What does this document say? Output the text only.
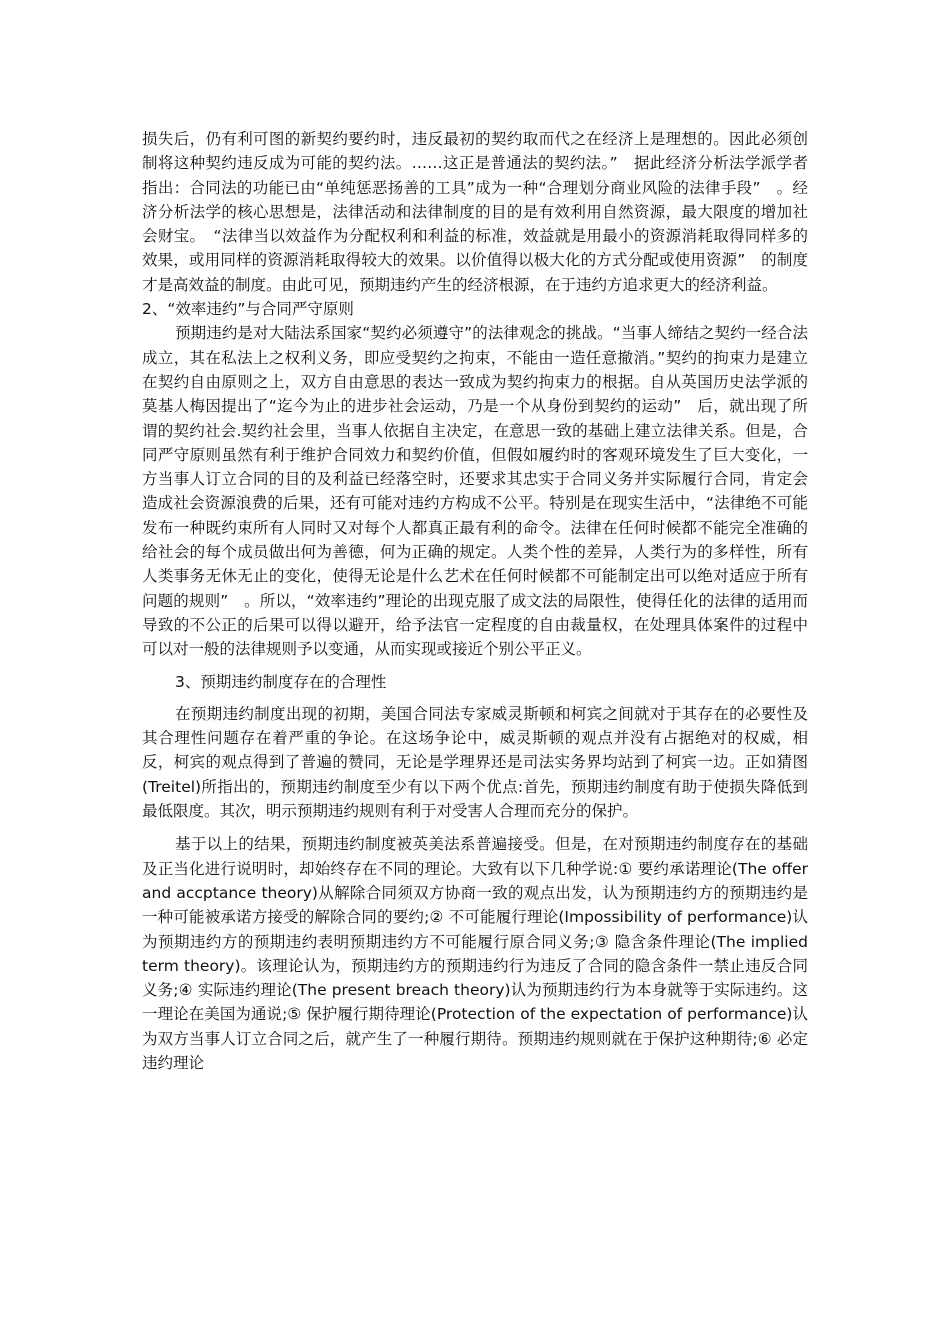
损失后，仍有利可图的新契约要约时，违反最初的契约取而代之在经济上是理想的。因此必须创制将这种契约违反成为可能的契约法。……这正是普通法的契约法。”　据此经济分析法学派学者指出：合同法的功能已由“单纯惩恶扬善的工具”成为一种“合理划分商业风险的法律手段”　。经济分析法学的核心思想是，法律活动和法律制度的目的是有效利用自然资源，最大限度的增加社会财宝。　“法律当以效益作为分配权利和利益的标准，效益就是用最小的资源消耗取得同样多的效果，或用同样的资源消耗取得较大的效果。以价值得以极大化的方式分配或使用资源”　的制度才是高效益的制度。由此可见，预期违约产生的经济根源，在于违约方追求更大的经济利益。

2、“效率违约”与合同严守原则

预期违约是对大陆法系国家“契约必须遵守”的法律观念的挑战。“当事人缔结之契约一经合法成立，其在私法上之权利义务，即应受契约之拘束，不能由一造任意撤消。”契约的拘束力是建立在契约自由原则之上，双方自由意思的表达一致成为契约拘束力的根据。自从英国历史法学派的莫基人梅因提出了“迄今为止的进步社会运动，乃是一个从身份到契约的运动”　后，就出现了所谓的契约社会.契约社会里，当事人依据自主决定，在意思一致的基础上建立法律关系。但是，合同严守原则虽然有利于维护合同效力和契约价值，但假如履约时的客观环境发生了巨大变化，一方当事人订立合同的目的及利益已经落空时，还要求其忠实于合同义务并实际履行合同，肯定会造成社会资源浪费的后果，还有可能对违约方构成不公平。特别是在现实生活中，“法律绝不可能发布一种既约束所有人同时又对每个人都真正最有利的命令。法律在任何时候都不能完全准确的给社会的每个成员做出何为善德，何为正确的规定。人类个性的差异，人类行为的多样性，所有人类事务无休无止的变化，使得无论是什么艺术在任何时候都不可能制定出可以绝对适应于所有问题的规则”　。所以，“效率违约”理论的出现克服了成文法的局限性，使得任化的法律的适用而导致的不公正的后果可以得以避开，给予法官一定程度的自由裁量权，在处理具体案件的过程中可以对一般的法律规则予以变通，从而实现或接近个别公平正义。

3、预期违约制度存在的合理性

在预期违约制度出现的初期，美国合同法专家威灵斯顿和柯宾之间就对于其存在的必要性及其合理性问题存在着严重的争论。在这场争论中，威灵斯顿的观点并没有占据绝对的权威，相反，柯宾的观点得到了普遍的赞同，无论是学理界还是司法实务界均站到了柯宾一边。正如猜图(Treitel)所指出的，预期违约制度至少有以下两个优点:首先，预期违约制度有助于使损失降低到最低限度。其次，明示预期违约规则有利于对受害人合理而充分的保护。

基于以上的结果，预期违约制度被英美法系普遍接受。但是，在对预期违约制度存在的基础及正当化进行说明时，却始终存在不同的理论。大致有以下几种学说:① 要约承诺理论(The offer and accptance theory)从解除合同须双方协商一致的观点出发，认为预期违约方的预期违约是一种可能被承诺方接受的解除合同的要约;② 不可能履行理论(Impossibility of performance)认为预期违约方的预期违约表明预期违约方不可能履行原合同义务;③ 隐含条件理论(The implied term theory)。该理论认为，预期违约方的预期违约行为违反了合同的隐含条件一禁止违反合同义务;④ 实际违约理论(The present breach theory)认为预期违约行为本身就等于实际违约。这一理论在美国为通说;⑤ 保护履行期待理论(Protection of the expectation of performance)认为双方当事人订立合同之后，就产生了一种履行期待。预期违约规则就在于保护这种期待;⑥ 必定违约理论
